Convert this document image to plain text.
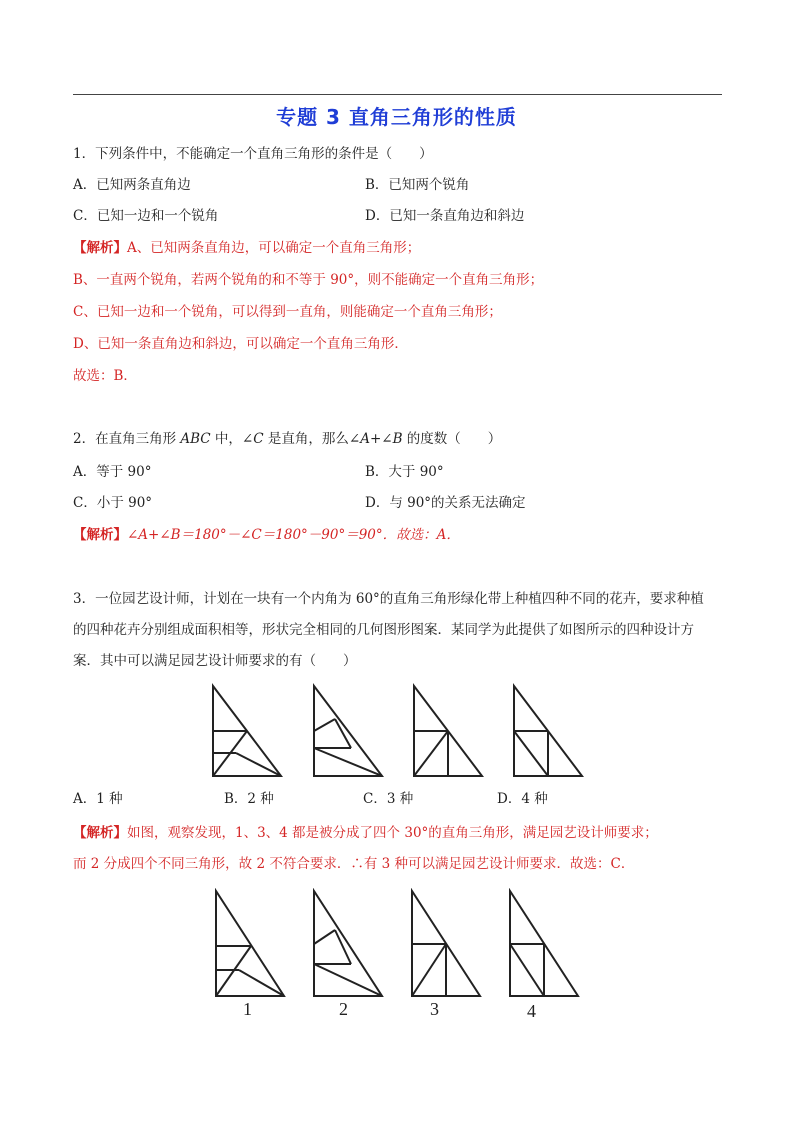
专题 3 直角三角形的性质
1．下列条件中，不能确定一个直角三角形的条件是（　　）
A．已知两条直角边	B．已知两个锐角
C．已知一边和一个锐角	D．已知一条直角边和斜边
【解析】A、已知两条直角边，可以确定一个直角三角形；
B、一直两个锐角，若两个锐角的和不等于 90°，则不能确定一个直角三角形；
C、已知一边和一个锐角，可以得到一直角，则能确定一个直角三角形；
D、已知一条直角边和斜边，可以确定一个直角三角形．
故选：B．
2．在直角三角形 ABC 中，∠C 是直角，那么∠A+∠B 的度数（　　）
A．等于 90°	B．大于 90°
C．小于 90°	D．与 90°的关系无法确定
【解析】∠A+∠B＝180°－∠C＝180°－90°＝90°．故选：A．
3．一位园艺设计师，计划在一块有一个内角为 60°的直角三角形绿化带上种植四种不同的花卉，要求种植
的四种花卉分别组成面积相等，形状完全相同的几何图形图案．某同学为此提供了如图所示的四种设计方
案．其中可以满足园艺设计师要求的有（　　）
A．1 种	B．2 种	C．3 种	D．4 种
【解析】如图，观察发现，1、3、4 都是被分成了四个 30°的直角三角形，满足园艺设计师要求；
而 2 分成四个不同三角形，故 2 不符合要求．∴有 3 种可以满足园艺设计师要求．故选：C．
1	2	3	4
